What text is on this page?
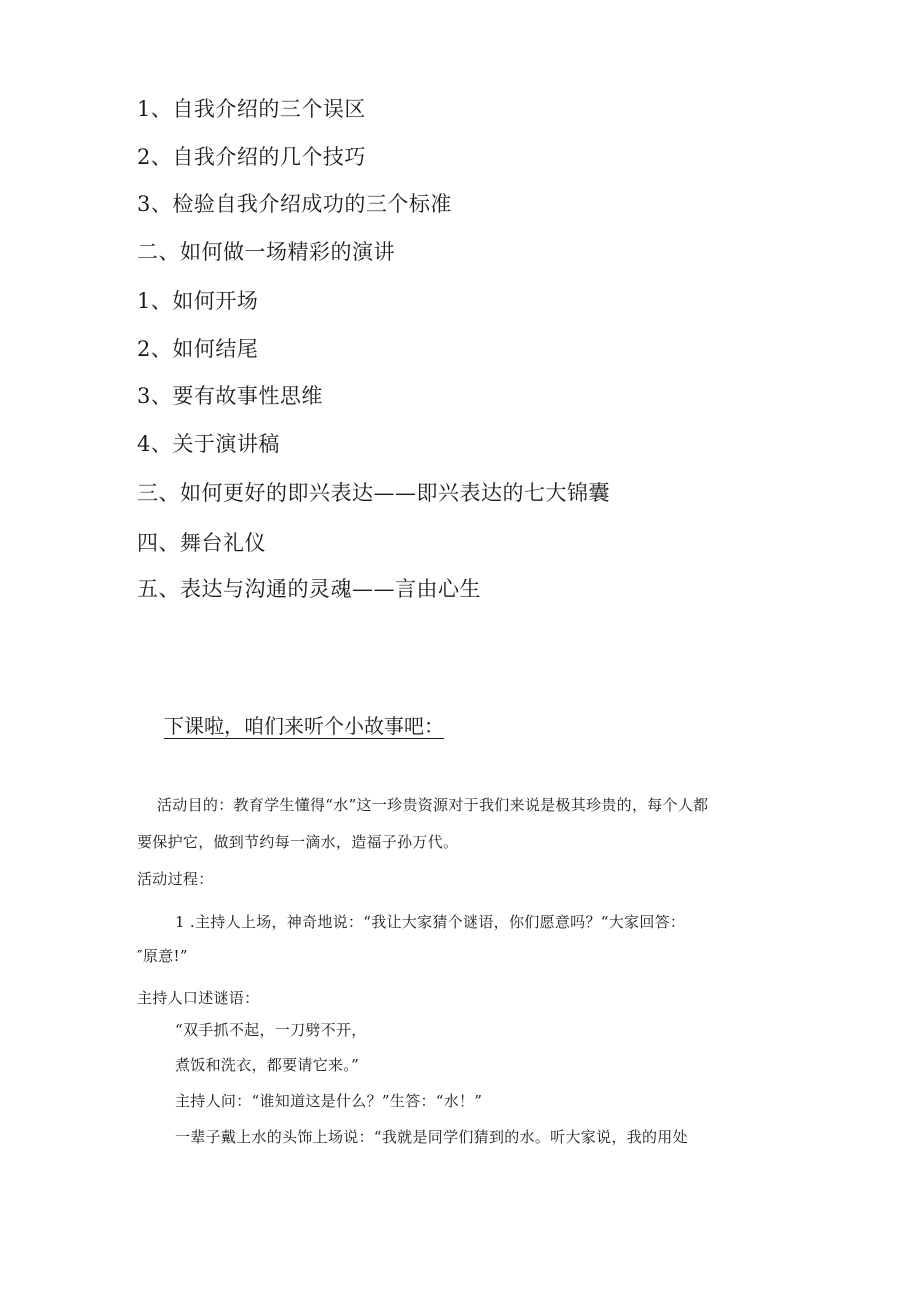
1、自我介绍的三个误区
2、自我介绍的几个技巧
3、检验自我介绍成功的三个标准
二、如何做一场精彩的演讲
1、如何开场
2、如何结尾
3、要有故事性思维
4、关于演讲稿
三、如何更好的即兴表达——即兴表达的七大锦囊
四、舞台礼仪
五、表达与沟通的灵魂——言由心生
下课啦，咱们来听个小故事吧：
活动目的：教育学生懂得“水”这一珍贵资源对于我们来说是极其珍贵的，每个人都
要保护它，做到节约每一滴水，造福子孙万代。
活动过程：
1 .主持人上场，神奇地说：“我让大家猜个谜语，你们愿意吗？“大家回答：
″原意!”
主持人口述谜语：
“双手抓不起，一刀劈不开，
煮饭和洗衣，都要请它来。”
主持人问：“谁知道这是什么？”生答：“水！”
一辈子戴上水的头饰上场说：“我就是同学们猜到的水。听大家说，我的用处
